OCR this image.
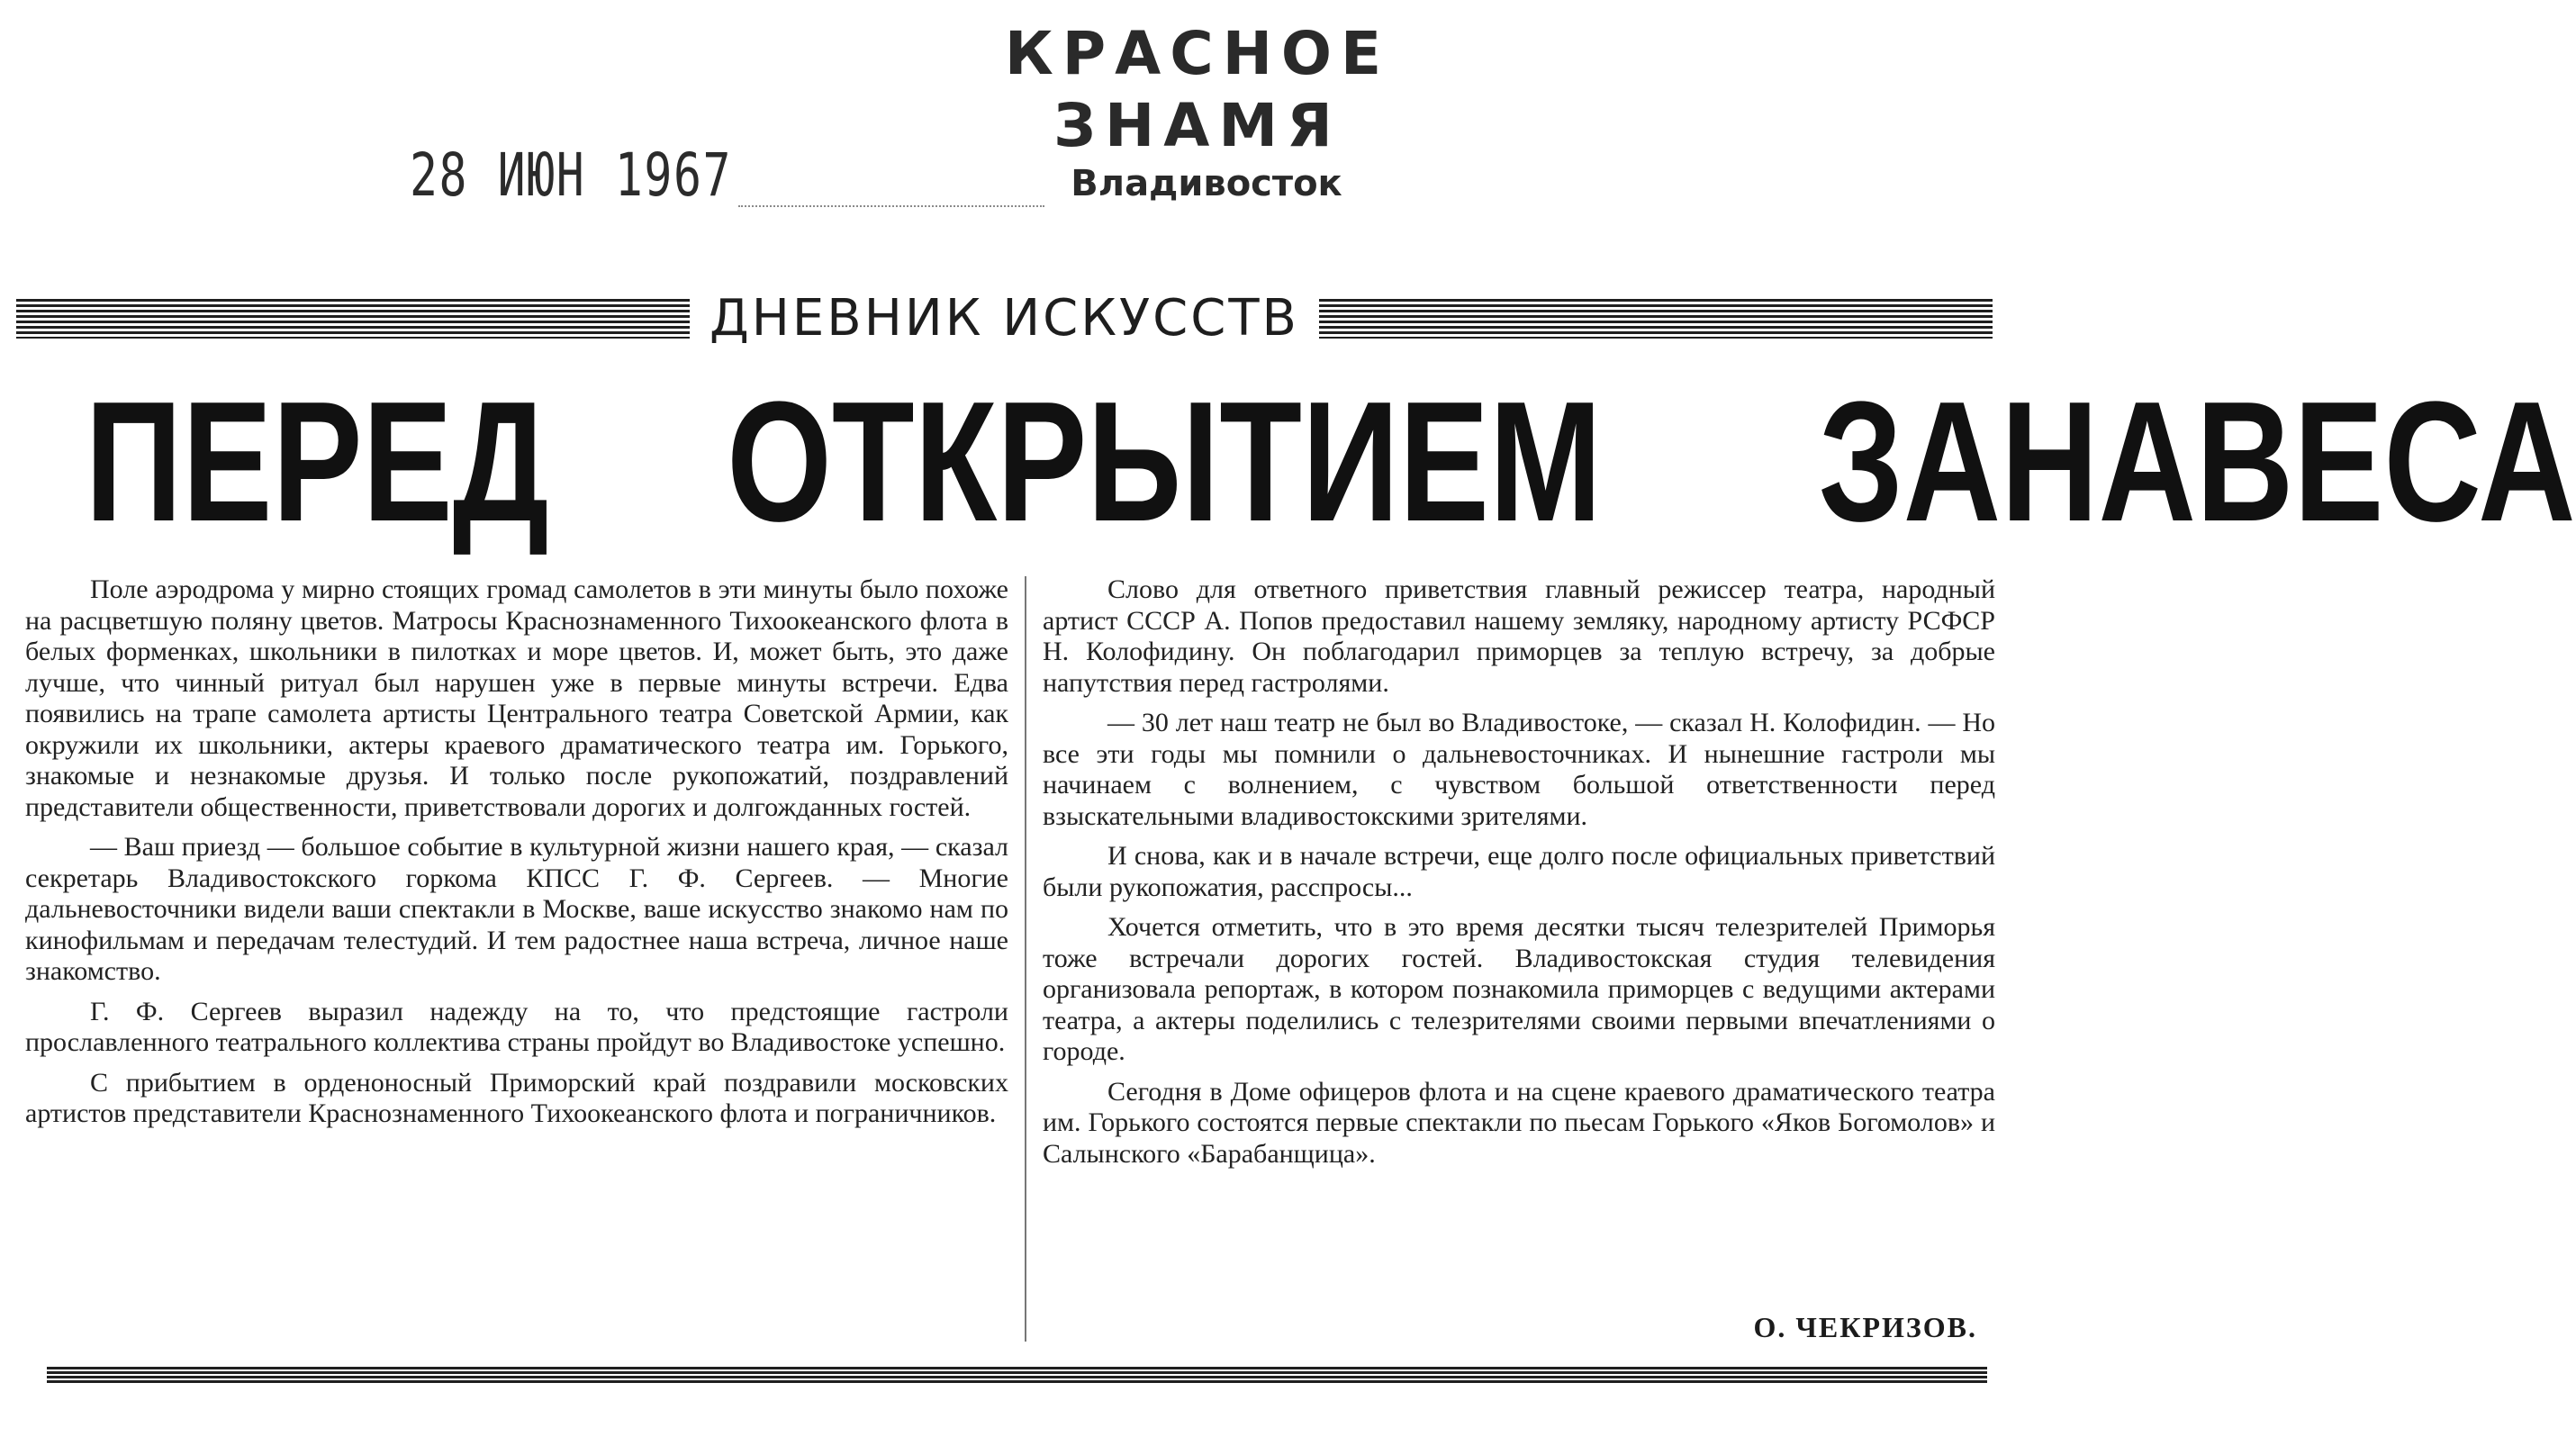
КРАСНОЕ ЗНАМЯ
Владивосток
28 ИЮН 1967
ДНЕВНИК ИСКУССТВ
ПЕРЕД ОТКРЫТИЕМ ЗАНАВЕСА

Поле аэродрома у мирно стоящих громад самолетов в эти минуты было похоже на расцветшую поляну цветов. Матросы Краснознаменного Тихоокеанского флота в белых форменках, школьники в пилотках и море цветов. И, может быть, это даже лучше, что чинный ритуал был нарушен уже в первые минуты встречи. Едва появились на трапе самолета артисты Центрального театра Советской Армии, как окружили их школьники, актеры краевого драматического театра им. Горького, знакомые и незнакомые друзья. И только после рукопожатий, поздравлений представители общественности, приветствовали дорогих и долгожданных гостей.

— Ваш приезд — большое событие в культурной жизни нашего края, — сказал секретарь Владивостокского горкома КПСС Г. Ф. Сергеев. — Многие дальневосточники видели ваши спектакли в Москве, ваше искусство знакомо нам по кинофильмам и передачам телестудий. И тем радостнее наша встреча, личное наше знакомство.

Г. Ф. Сергеев выразил надежду на то, что предстоящие гастроли прославленного театрального коллектива страны пройдут во Владивостоке успешно.

С прибытием в орденоносный Приморский край поздравили московских артистов представители Краснознаменного Тихоокеанского флота и пограничников.

Слово для ответного приветствия главный режиссер театра, народный артист СССР А. Попов предоставил нашему земляку, народному артисту РСФСР Н. Колофидину. Он поблагодарил приморцев за теплую встречу, за добрые напутствия перед гастролями.

— 30 лет наш театр не был во Владивостоке, — сказал Н. Колофидин. — Но все эти годы мы помнили о дальневосточниках. И нынешние гастроли мы начинаем с волнением, с чувством большой ответственности перед взыскательными владивостокскими зрителями.

И снова, как и в начале встречи, еще долго после официальных приветствий были рукопожатия, расспросы...

Хочется отметить, что в это время десятки тысяч телезрителей Приморья тоже встречали дорогих гостей. Владивостокская студия телевидения организовала репортаж, в котором познакомила приморцев с ведущими актерами театра, а актеры поделились с телезрителями своими первыми впечатлениями о городе.

Сегодня в Доме офицеров флота и на сцене краевого драматического театра им. Горького состоятся первые спектакли по пьесам Горького «Яков Богомолов» и Салынского «Барабанщица».

О. ЧЕКРИЗОВ.
